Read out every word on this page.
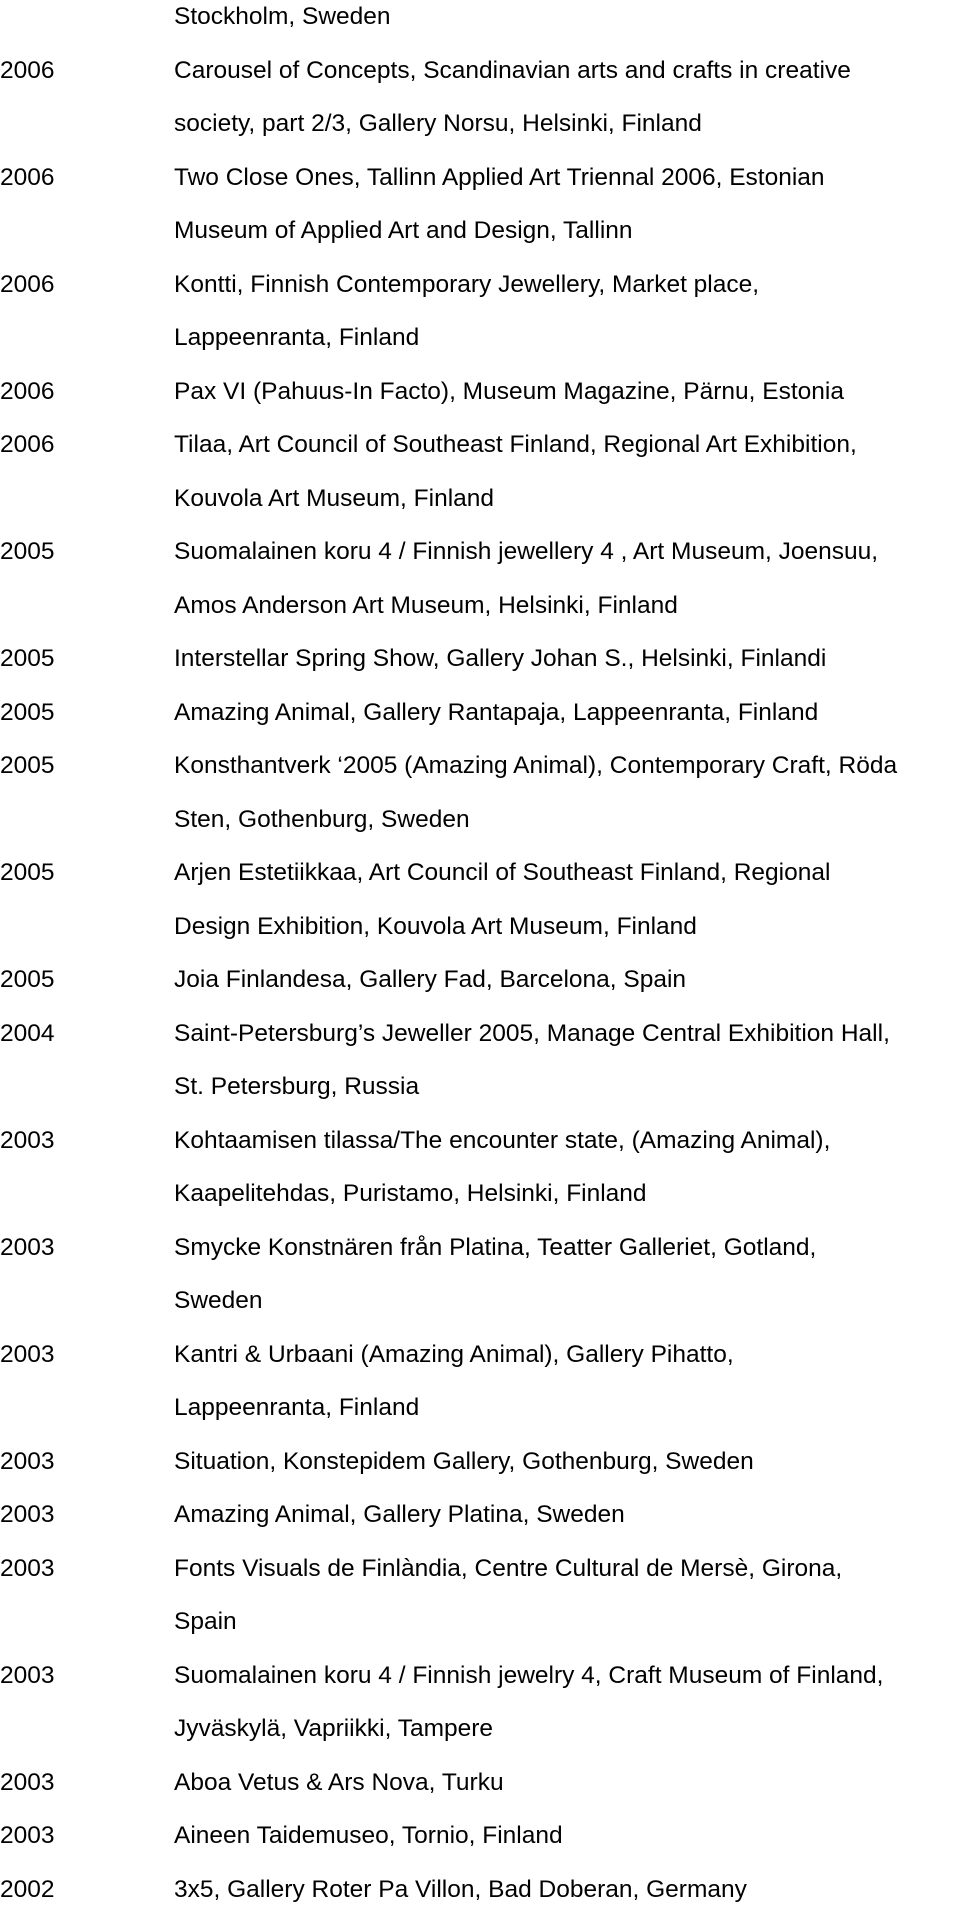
Stockholm, Sweden
2006	Carousel of Concepts, Scandinavian arts and crafts in creative
society, part 2/3, Gallery Norsu, Helsinki, Finland
2006	Two Close Ones, Tallinn Applied Art Triennal 2006, Estonian
Museum of Applied Art and Design, Tallinn
2006	Kontti, Finnish Contemporary Jewellery, Market place,
Lappeenranta, Finland
2006	Pax VI (Pahuus-In Facto), Museum Magazine, Pärnu, Estonia
2006	Tilaa, Art Council of Southeast Finland, Regional Art Exhibition,
Kouvola Art Museum, Finland
2005	Suomalainen koru 4 / Finnish jewellery 4 , Art Museum, Joensuu,
Amos Anderson Art Museum, Helsinki, Finland
2005	Interstellar Spring Show, Gallery Johan S., Helsinki, Finlandi
2005	Amazing Animal, Gallery Rantapaja, Lappeenranta, Finland
2005	Konsthantverk ‘2005 (Amazing Animal), Contemporary Craft, Röda
Sten, Gothenburg, Sweden
2005	Arjen Estetiikkaa, Art Council of Southeast Finland, Regional
Design Exhibition, Kouvola Art Museum, Finland
2005	Joia Finlandesa, Gallery Fad, Barcelona, Spain
2004	Saint-Petersburg’s Jeweller 2005, Manage Central Exhibition Hall,
St. Petersburg, Russia
2003	Kohtaamisen tilassa/The encounter state, (Amazing Animal),
Kaapelitehdas, Puristamo, Helsinki, Finland
2003	Smycke Konstnären från Platina, Teatter Galleriet, Gotland,
Sweden
2003	Kantri & Urbaani (Amazing Animal), Gallery Pihatto,
Lappeenranta, Finland
2003	Situation, Konstepidem Gallery, Gothenburg, Sweden
2003	Amazing Animal, Gallery Platina, Sweden
2003	Fonts Visuals de Finlàndia, Centre Cultural de Mersè, Girona,
Spain
2003	Suomalainen koru 4 / Finnish jewelry 4, Craft Museum of Finland,
Jyväskylä, Vapriikki, Tampere
2003	Aboa Vetus & Ars Nova, Turku
2003	Aineen Taidemuseo, Tornio, Finland
2002	3x5, Gallery Roter Pa Villon, Bad Doberan, Germany
